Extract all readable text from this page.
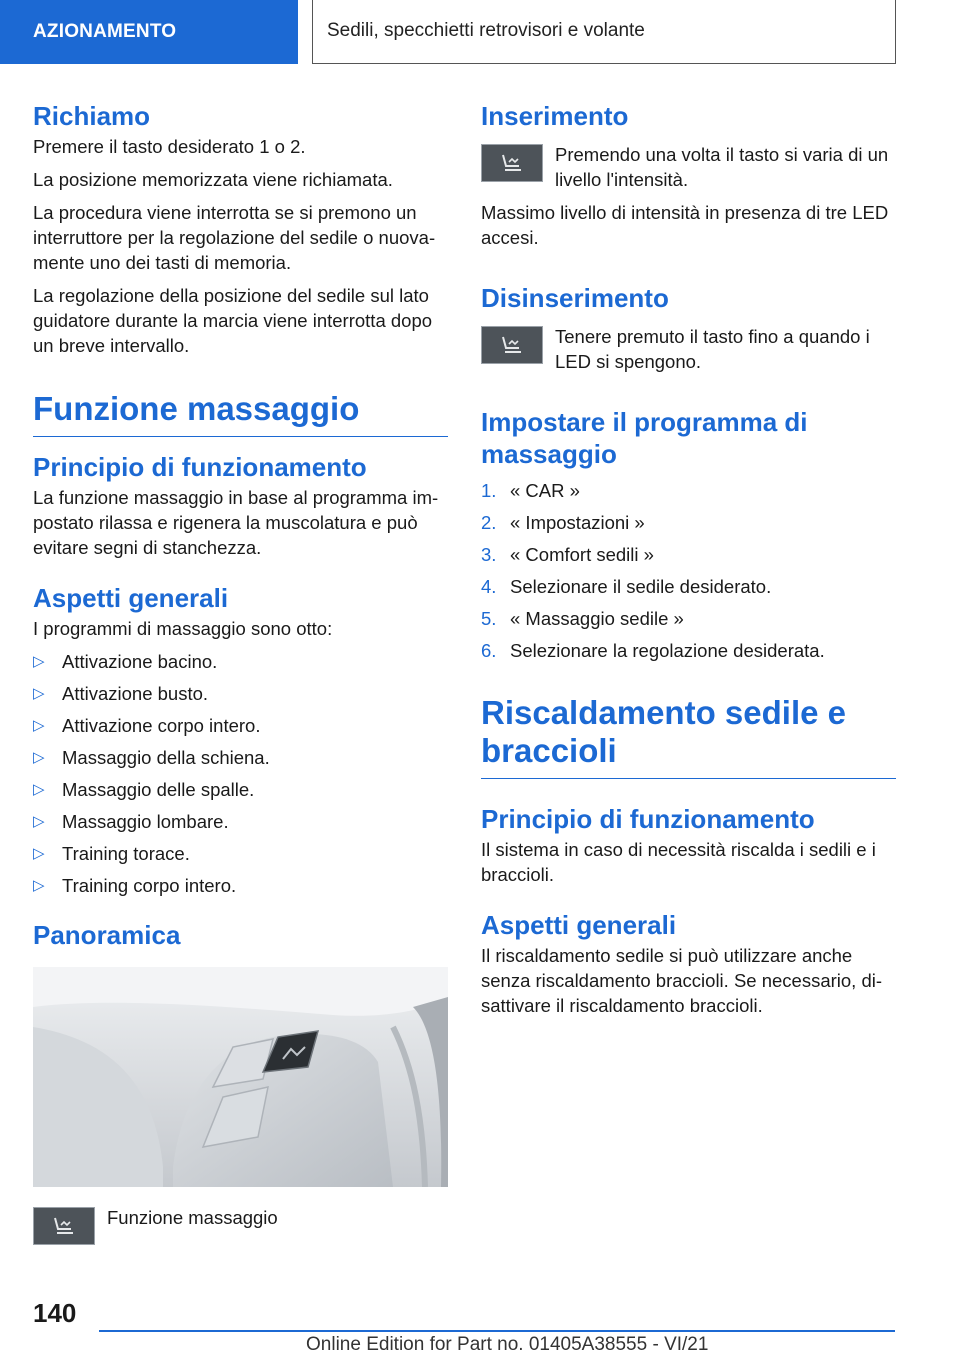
AZIONAMENTO	Sedili, specchietti retrovisori e volante
Richiamo

Premere il tasto desiderato 1 o 2.

La posizione memorizzata viene richiamata.

La procedura viene interrotta se si premono un interruttore per la regolazione del sedile o nuova-mente uno dei tasti di memoria.

La regolazione della posizione del sedile sul lato guidatore durante la marcia viene interrotta dopo un breve intervallo.

Funzione massaggio
Principio di funzionamento

La funzione massaggio in base al programma im-postato rilassa e rigenera la muscolatura e può evitare segni di stanchezza.

Aspetti generali

I programmi di massaggio sono otto:

▷ Attivazione bacino.
▷ Attivazione busto.
▷ Attivazione corpo intero.
▷ Massaggio della schiena.
▷ Massaggio delle spalle.
▷ Massaggio lombare.
▷ Training torace.
▷ Training corpo intero.
Panoramica

Funzione massaggio

Inserimento

Premendo una volta il tasto si varia di un livello l'intensità.

Massimo livello di intensità in presenza di tre LED accesi.

Disinserimento

Tenere premuto il tasto fino a quando i LED si spengono.

Impostare il programma di massaggio
1. « CAR »
2. « Impostazioni »
3. « Comfort sedili »
4. Selezionare il sedile desiderato.
5. « Massaggio sedile »
6. Selezionare la regolazione desiderata.
Riscaldamento sedile e braccioli
Principio di funzionamento

Il sistema in caso di necessità riscalda i sedili e i braccioli.

Aspetti generali

Il riscaldamento sedile si può utilizzare anche senza riscaldamento braccioli. Se necessario, di-sattivare il riscaldamento braccioli.

140
Online Edition for Part no. 01405A38555 - VI/21
